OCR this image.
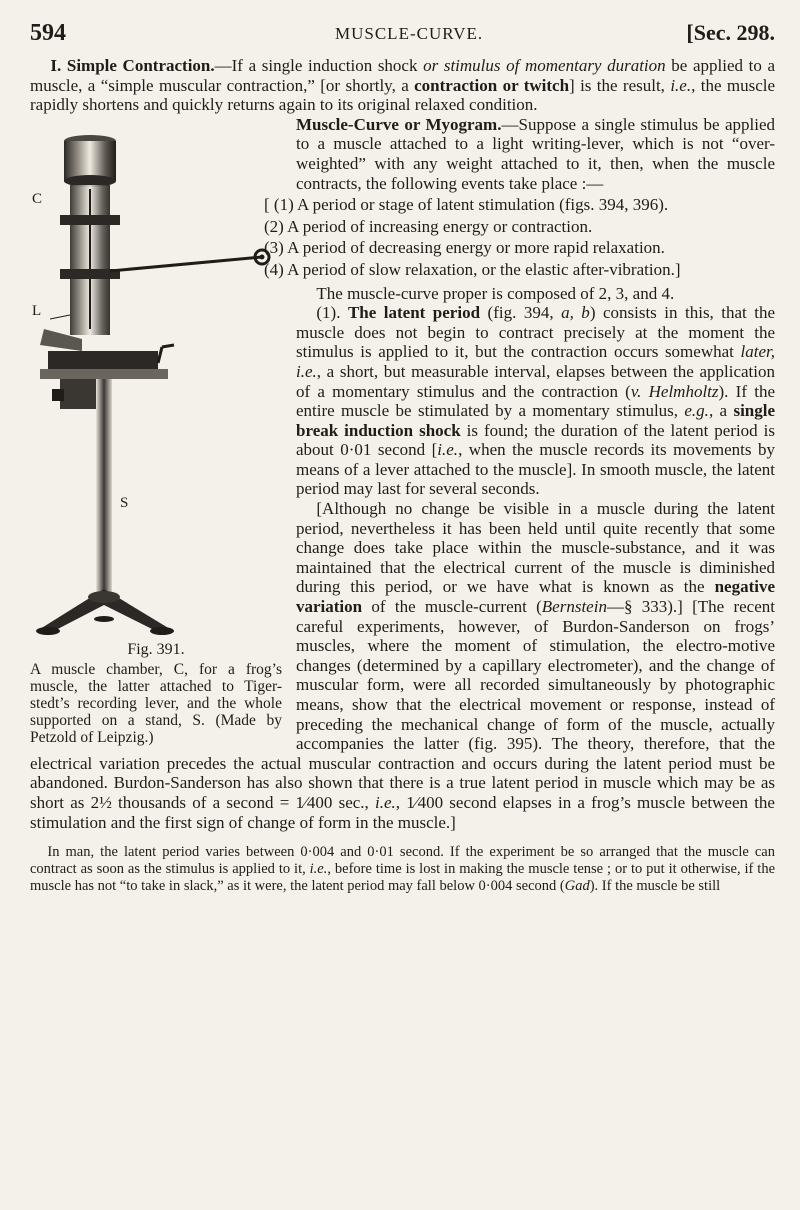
594	MUSCLE-CURVE.	[Sec. 298.

I. Simple Contraction.—If a single induction shock or stimulus of momentary duration be applied to a muscle, a “simple muscular contraction,” [or shortly, a contraction or twitch] is the result, i.e., the muscle rapidly shortens and quickly returns again to its original relaxed condition.

C
L
S
Fig. 391.
A muscle chamber, C, for a frog’s muscle, the latter attached to Tiger-stedt’s recording lever, and the whole supported on a stand, S. (Made by Petzold of Leipzig.)

Muscle-Curve or Myogram.—Suppose a single stimulus be applied to a muscle attached to a light writing-lever, which is not “over-weighted” with any weight attached to it, then, when the muscle contracts, the following events take place :—

[ (1) A period or stage of latent stimulation (figs. 394, 396).
(2) A period of increasing energy or contraction.
(3) A period of decreasing energy or more rapid relaxation.
(4) A period of slow relaxation, or the elastic after-vibration.]

The muscle-curve proper is composed of 2, 3, and 4.

(1). The latent period (fig. 394, a, b) consists in this, that the muscle does not begin to contract precisely at the moment the stimulus is applied to it, but the contraction occurs somewhat later, i.e., a short, but measurable interval, elapses between the application of a momentary stimulus and the contraction (v. Helmholtz). If the entire muscle be stimulated by a momentary stimulus, e.g., a single break induction shock is found; the duration of the latent period is about 0·01 second [i.e., when the muscle records its movements by means of a lever attached to the muscle]. In smooth muscle, the latent period may last for several seconds.

[Although no change be visible in a muscle during the latent period, nevertheless it has been held until quite recently that some change does take place within the muscle-substance, and it was maintained that the electrical current of the muscle is diminished during this period, or we have what is known as the negative variation of the muscle-current (Bernstein—§ 333).] [The recent careful experiments, however, of Burdon-Sanderson on frogs’ muscles, where the moment of stimulation, the electro-motive changes (determined by a capillary electrometer), and the change of muscular form, were all recorded simultaneously by photographic means, show that the electrical movement or response, instead of preceding the mechanical change of form of the muscle, actually accompanies the latter (fig. 395). The theory, therefore, that the electrical variation precedes the actual muscular contraction and occurs during the latent period must be abandoned. Burdon-Sanderson has also shown that there is a true latent period in muscle which may be as short as 2½ thousands of a second = 1⁄400 sec., i.e., 1⁄400 second elapses in a frog’s muscle between the stimulation and the first sign of change of form in the muscle.]

In man, the latent period varies between 0·004 and 0·01 second. If the experiment be so arranged that the muscle can contract as soon as the stimulus is applied to it, i.e., before time is lost in making the muscle tense ; or to put it otherwise, if the muscle has not “to take in slack,” as it were, the latent period may fall below 0·004 second (Gad). If the muscle be still
